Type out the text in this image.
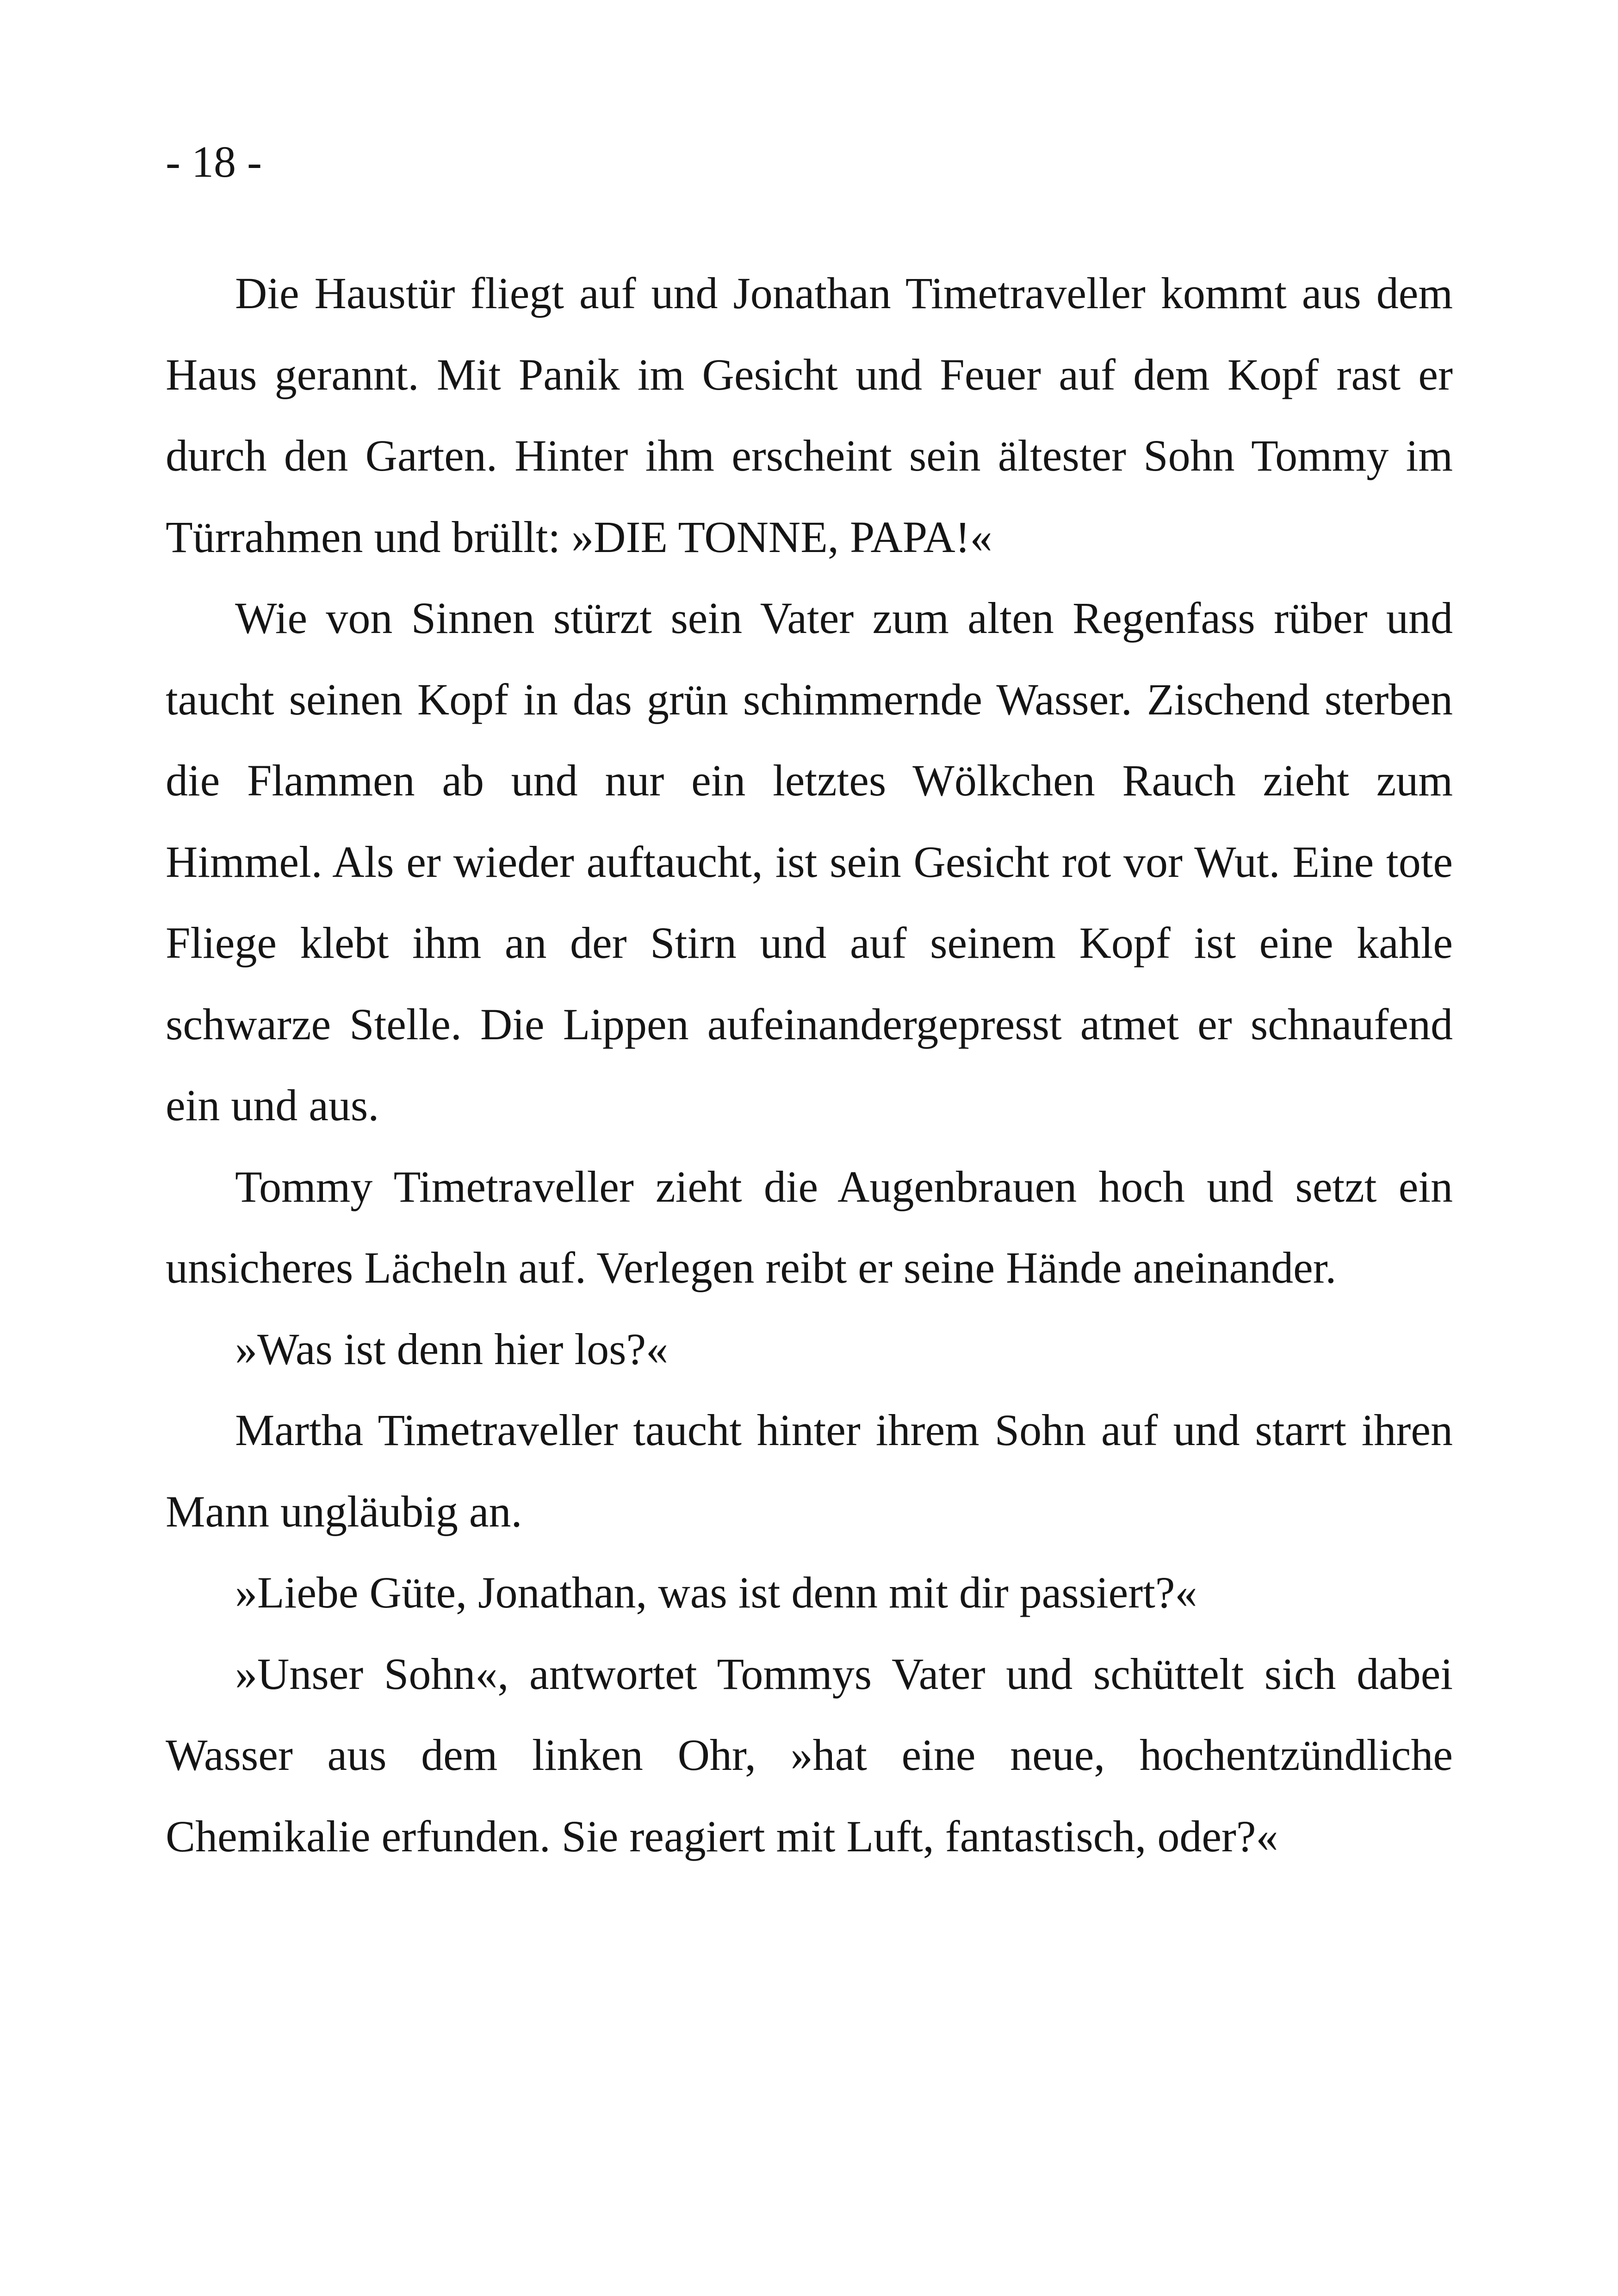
- 18 -

Die Haustür fliegt auf und Jonathan Timetraveller kommt aus dem Haus gerannt. Mit Panik im Gesicht und Feuer auf dem Kopf rast er durch den Garten. Hinter ihm erscheint sein ältester Sohn Tommy im Türrahmen und brüllt: »DIE TONNE, PAPA!«

Wie von Sinnen stürzt sein Vater zum alten Regenfass rüber und taucht seinen Kopf in das grün schimmernde Wasser. Zischend sterben die Flammen ab und nur ein letztes Wölkchen Rauch zieht zum Himmel. Als er wieder auftaucht, ist sein Gesicht rot vor Wut. Eine tote Fliege klebt ihm an der Stirn und auf seinem Kopf ist eine kahle schwarze Stelle. Die Lippen aufeinandergepresst atmet er schnaufend ein und aus.

Tommy Timetraveller zieht die Augenbrauen hoch und setzt ein unsicheres Lächeln auf. Verlegen reibt er seine Hände aneinander.

»Was ist denn hier los?«

Martha Timetraveller taucht hinter ihrem Sohn auf und starrt ihren Mann ungläubig an.

»Liebe Güte, Jonathan, was ist denn mit dir passiert?«

»Unser Sohn«, antwortet Tommys Vater und schüttelt sich dabei Wasser aus dem linken Ohr, »hat eine neue, hochentzündliche Chemikalie erfunden. Sie reagiert mit Luft, fantastisch, oder?«
